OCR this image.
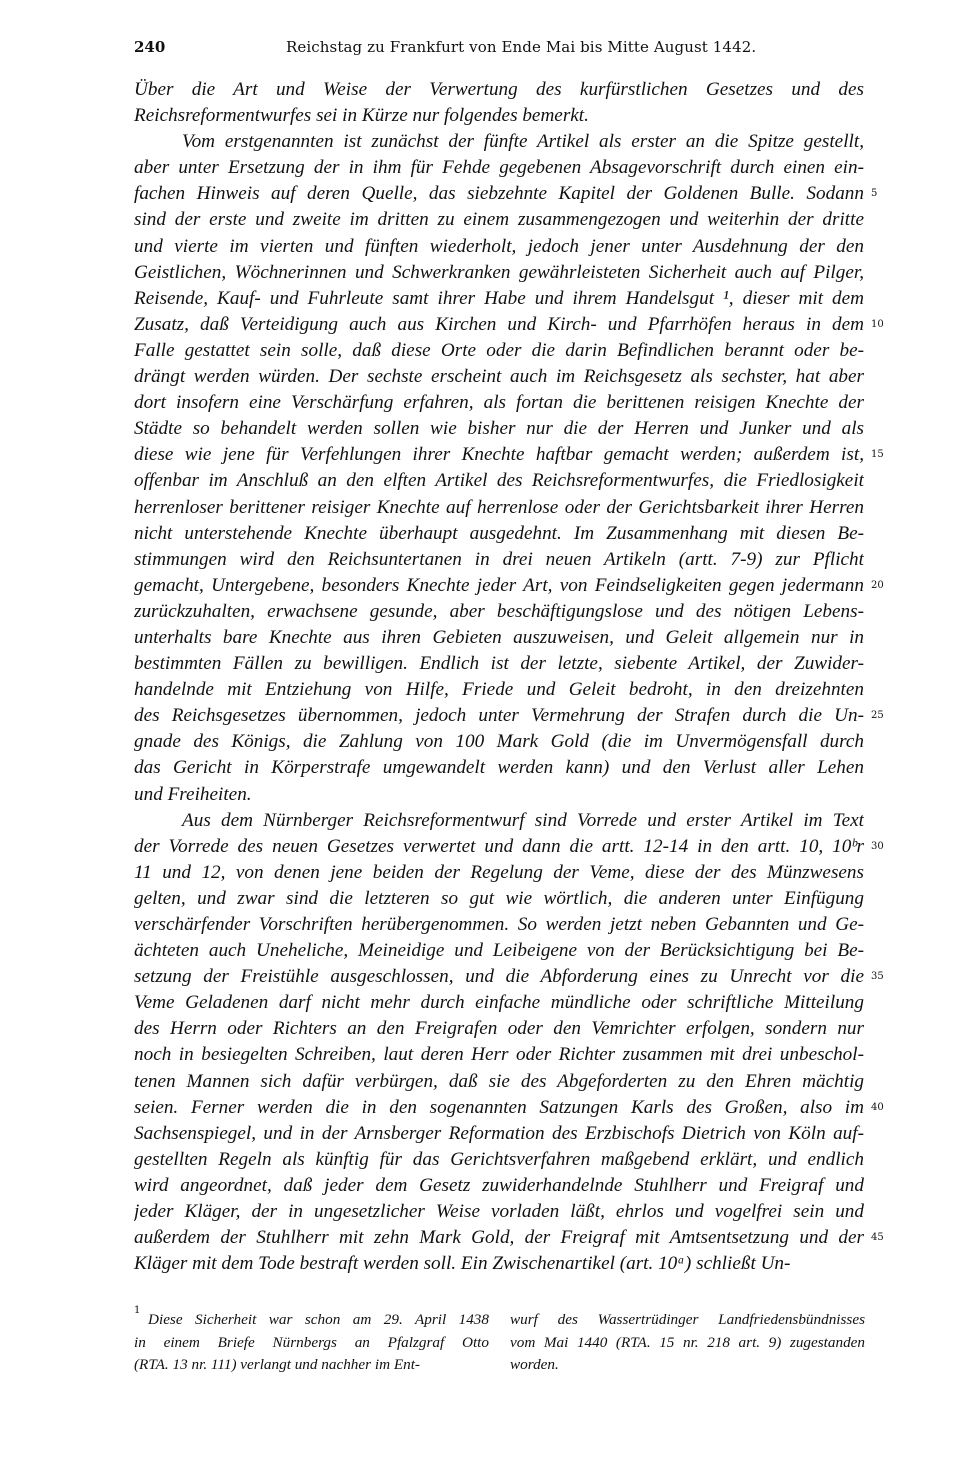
240	Reichstag zu Frankfurt von Ende Mai bis Mitte August 1442.
Über die Art und Weise der Verwertung des kurfürstlichen Gesetzes und des
Reichsreformentwurfes sei in Kürze nur folgendes bemerkt.
Vom erstgenannten ist zunächst der fünfte Artikel als erster an die Spitze gestellt,
aber unter Ersetzung der in ihm für Fehde gegebenen Absagevorschrift durch einen ein-
fachen Hinweis auf deren Quelle, das siebzehnte Kapitel der Goldenen Bulle. Sodann 5
sind der erste und zweite im dritten zu einem zusammengezogen und weiterhin der dritte
und vierte im vierten und fünften wiederholt, jedoch jener unter Ausdehnung der den
Geistlichen, Wöchnerinnen und Schwerkranken gewährleisteten Sicherheit auch auf Pilger,
Reisende, Kauf- und Fuhrleute samt ihrer Habe und ihrem Handelsgut ¹, dieser mit dem
Zusatz, daß Verteidigung auch aus Kirchen und Kirch- und Pfarrhöfen heraus in dem 10
Falle gestattet sein solle, daß diese Orte oder die darin Befindlichen berannt oder be-
drängt werden würden. Der sechste erscheint auch im Reichsgesetz als sechster, hat aber
dort insofern eine Verschärfung erfahren, als fortan die berittenen reisigen Knechte der
Städte so behandelt werden sollen wie bisher nur die der Herren und Junker und als
diese wie jene für Verfehlungen ihrer Knechte haftbar gemacht werden; außerdem ist, 15
offenbar im Anschluß an den elften Artikel des Reichsreformentwurfes, die Friedlosigkeit
herrenloser berittener reisiger Knechte auf herrenlose oder der Gerichtsbarkeit ihrer Herren
nicht unterstehende Knechte überhaupt ausgedehnt. Im Zusammenhang mit diesen Be-
stimmungen wird den Reichsuntertanen in drei neuen Artikeln (artt. 7-9) zur Pflicht
gemacht, Untergebene, besonders Knechte jeder Art, von Feindseligkeiten gegen jedermann 20
zurückzuhalten, erwachsene gesunde, aber beschäftigungslose und des nötigen Lebens-
unterhalts bare Knechte aus ihren Gebieten auszuweisen, und Geleit allgemein nur in
bestimmten Fällen zu bewilligen. Endlich ist der letzte, siebente Artikel, der Zuwider-
handelnde mit Entziehung von Hilfe, Friede und Geleit bedroht, in den dreizehnten
des Reichsgesetzes übernommen, jedoch unter Vermehrung der Strafen durch die Un- 25
gnade des Königs, die Zahlung von 100 Mark Gold (die im Unvermögensfall durch
das Gericht in Körperstrafe umgewandelt werden kann) und den Verlust aller Lehen
und Freiheiten.
Aus dem Nürnberger Reichsreformentwurf sind Vorrede und erster Artikel im Text
der Vorrede des neuen Gesetzes verwertet und dann die artt. 12-14 in den artt. 10, 10ᵇr 30
11 und 12, von denen jene beiden der Regelung der Veme, diese der des Münzwesens
gelten, und zwar sind die letzteren so gut wie wörtlich, die anderen unter Einfügung
verschärfender Vorschriften herübergenommen. So werden jetzt neben Gebannten und Ge-
ächteten auch Uneheliche, Meineidige und Leibeigene von der Berücksichtigung bei Be-
setzung der Freistühle ausgeschlossen, und die Abforderung eines zu Unrecht vor die 35
Veme Geladenen darf nicht mehr durch einfache mündliche oder schriftliche Mitteilung
des Herrn oder Richters an den Freigrafen oder den Vemrichter erfolgen, sondern nur
noch in besiegelten Schreiben, laut deren Herr oder Richter zusammen mit drei unbeschol-
tenen Mannen sich dafür verbürgen, daß sie des Abgeforderten zu den Ehren mächtig
seien. Ferner werden die in den sogenannten Satzungen Karls des Großen, also im 40
Sachsenspiegel, und in der Arnsberger Reformation des Erzbischofs Dietrich von Köln auf-
gestellten Regeln als künftig für das Gerichtsverfahren maßgebend erklärt, und endlich
wird angeordnet, daß jeder dem Gesetz zuwiderhandelnde Stuhlherr und Freigraf und
jeder Kläger, der in ungesetzlicher Weise vorladen läßt, ehrlos und vogelfrei sein und
außerdem der Stuhlherr mit zehn Mark Gold, der Freigraf mit Amtsentsetzung und der 45
Kläger mit dem Tode bestraft werden soll. Ein Zwischenartikel (art. 10ᵃ) schließt Un-
1
Diese Sicherheit war schon am 29. April 1438
in einem Briefe Nürnbergs an Pfalzgraf Otto
(RTA. 13 nr. 111) verlangt und nachher im Ent-
wurf des Wassertrüdinger Landfriedensbündnisses
vom Mai 1440 (RTA. 15 nr. 218 art. 9) zugestanden
worden.
